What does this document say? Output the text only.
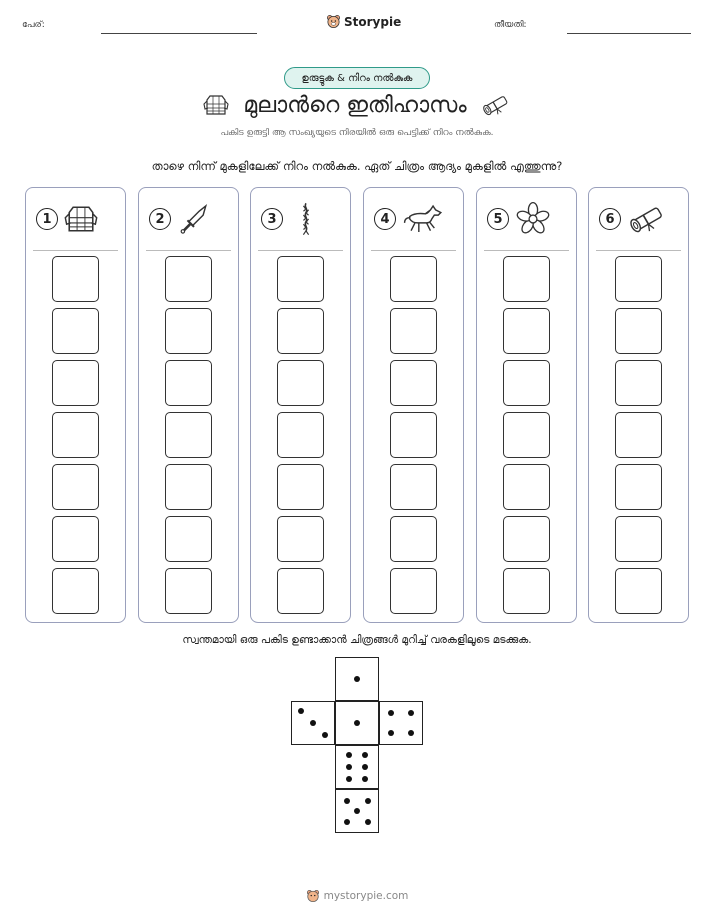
പേര്:	Storypie	തീയതി:
ഉരുട്ടുക & നിറം നൽകുക
മുലാൻറെ ഇതിഹാസം
പകിട ഉരുട്ടി ആ സംഖ്യയുടെ നിരയിൽ ഒരു പെട്ടിക്ക് നിറം നൽകുക.
താഴെ നിന്ന് മുകളിലേക്ക് നിറം നൽകുക. ഏത് ചിത്രം ആദ്യം മുകളിൽ എത്തുന്നു?
1	2	3	4	5	6
സ്വന്തമായി ഒരു പകിട ഉണ്ടാക്കാൻ ചിത്രങ്ങൾ മുറിച്ച് വരകളിലൂടെ മടക്കുക.
mystorypie.com
